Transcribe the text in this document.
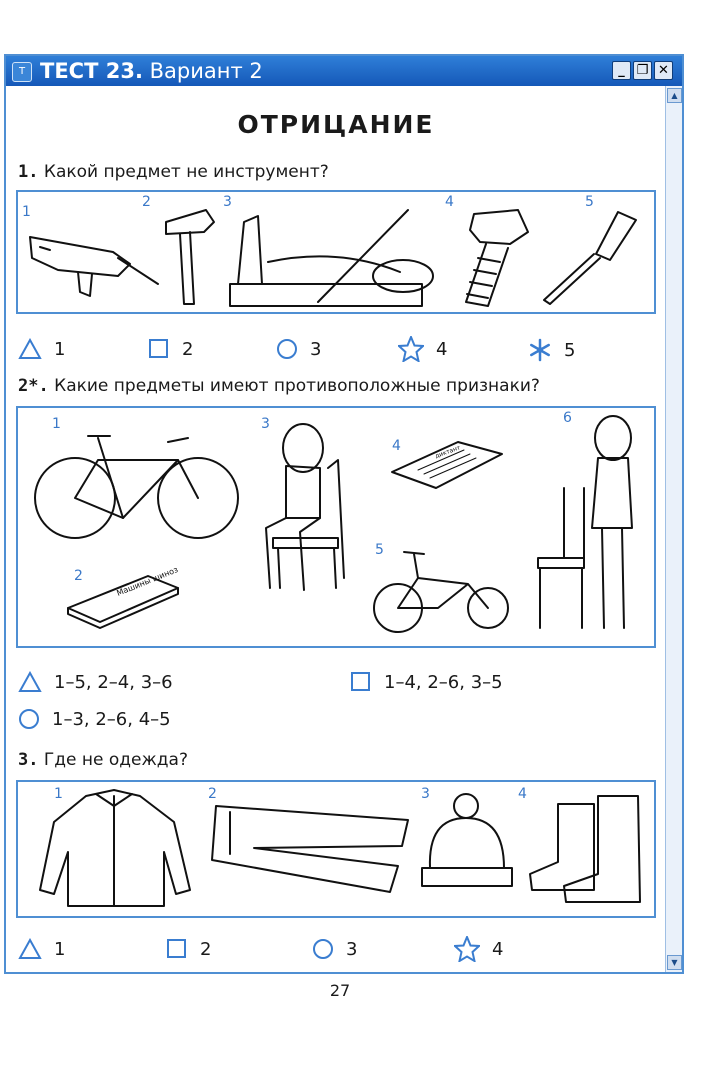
Т ТЕСТ 23. Вариант 2	_ ❐ ✕
▲
▼
ОТРИЦАНИЕ
1. Какой предмет не инструмент?
1
2	3	4	5
1	2	3	4	5
2*. Какие предметы имеют противоположные признаки?
1
2
3
4
5
6
Машины шиноз
диктант
1–5, 2–4, 3–6	1–4, 2–6, 3–5
1–3, 2–6, 4–5
3. Где не одежда?
1	2	3	4
1	2	3	4
27
